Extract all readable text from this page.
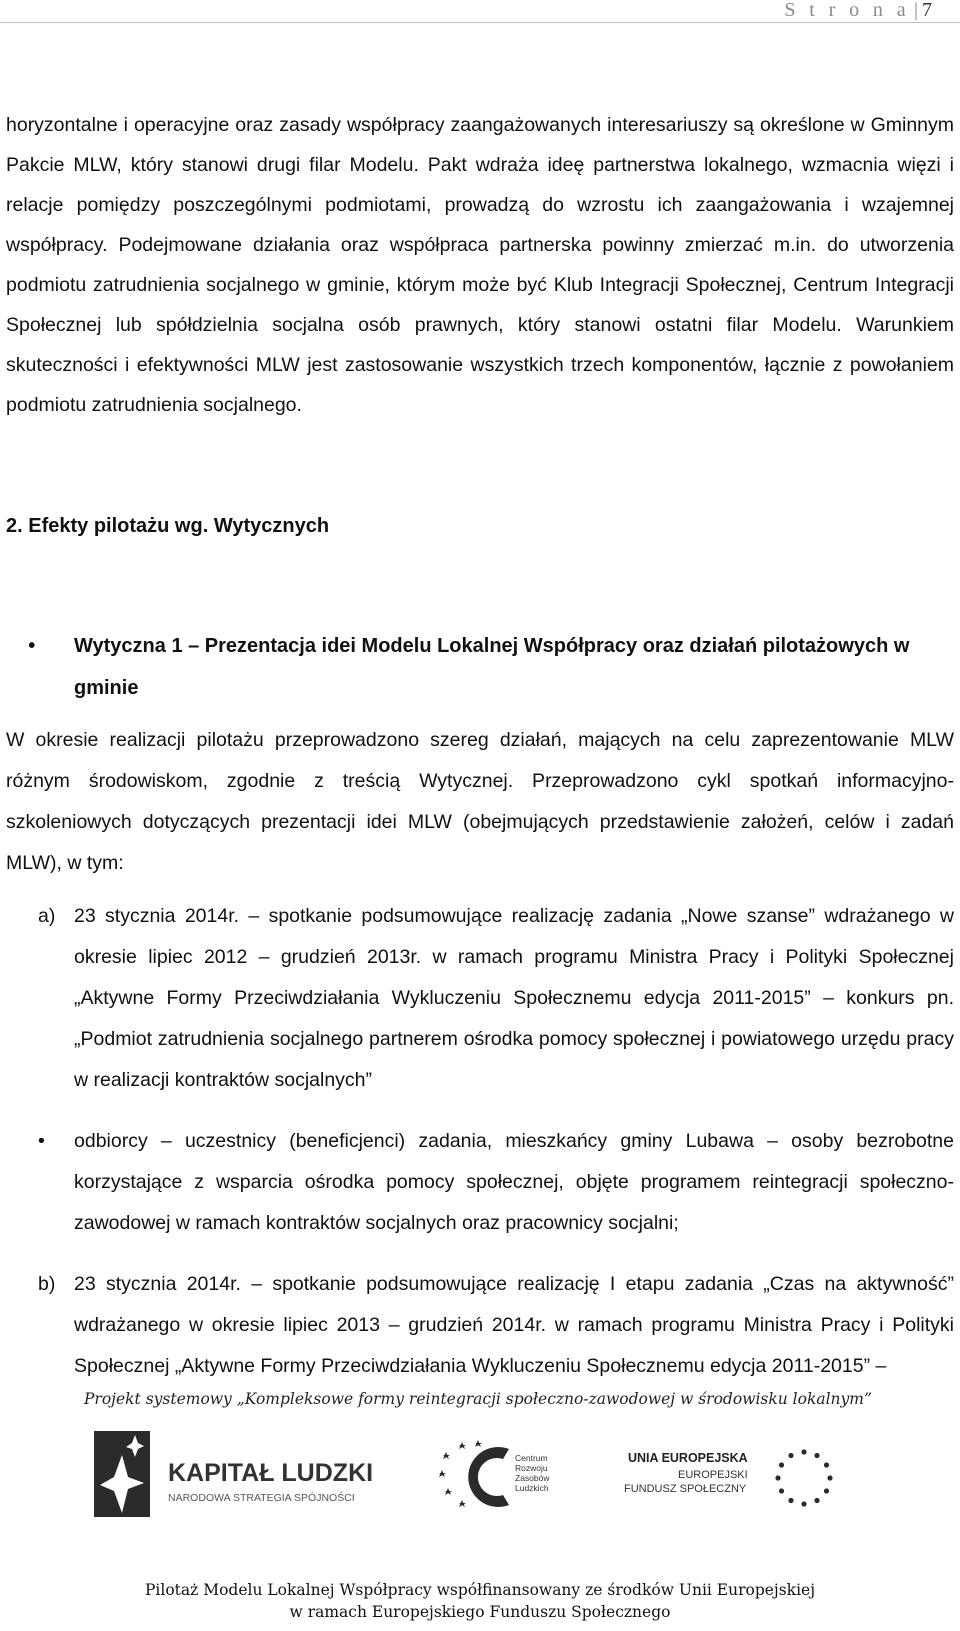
S t r o n a | 7

horyzontalne i operacyjne oraz zasady współpracy zaangażowanych interesariuszy są określone w Gminnym Pakcie MLW, który stanowi drugi filar Modelu. Pakt wdraża ideę partnerstwa lokalnego, wzmacnia więzi i relacje pomiędzy poszczególnymi podmiotami, prowadzą do wzrostu ich zaangażowania i wzajemnej współpracy. Podejmowane działania oraz współpraca partnerska powinny zmierzać m.in. do utworzenia podmiotu zatrudnienia socjalnego w gminie, którym może być Klub Integracji Społecznej, Centrum Integracji Społecznej lub spółdzielnia socjalna osób prawnych, który stanowi ostatni filar Modelu. Warunkiem skuteczności i efektywności MLW jest zastosowanie wszystkich trzech komponentów, łącznie z powołaniem podmiotu zatrudnienia socjalnego.

2. Efekty pilotażu wg. Wytycznych
•	Wytyczna 1 – Prezentacja idei Modelu Lokalnej Współpracy oraz działań pilotażowych w gminie

W okresie realizacji pilotażu przeprowadzono szereg działań, mających na celu zaprezentowanie MLW różnym środowiskom, zgodnie z treścią Wytycznej. Przeprowadzono cykl spotkań informacyjno-szkoleniowych dotyczących prezentacji idei MLW (obejmujących przedstawienie założeń, celów i zadań MLW), w tym:

a) 23 stycznia 2014r. – spotkanie podsumowujące realizację zadania „Nowe szanse” wdrażanego w okresie lipiec 2012 – grudzień 2013r. w ramach programu Ministra Pracy i Polityki Społecznej „Aktywne Formy Przeciwdziałania Wykluczeniu Społecznemu edycja 2011-2015” – konkurs pn. „Podmiot zatrudnienia socjalnego partnerem ośrodka pomocy społecznej i powiatowego urzędu pracy w realizacji kontraktów socjalnych”
•	odbiorcy – uczestnicy (beneficjenci) zadania, mieszkańcy gminy Lubawa – osoby bezrobotne korzystające z wsparcia ośrodka pomocy społecznej, objęte programem reintegracji społeczno-zawodowej w ramach kontraktów socjalnych oraz pracownicy socjalni;
b) 23 stycznia 2014r. – spotkanie podsumowujące realizację I etapu zadania „Czas na aktywność” wdrażanego w okresie lipiec 2013 – grudzień 2014r. w ramach programu Ministra Pracy i Polityki Społecznej „Aktywne Formy Przeciwdziałania Wykluczeniu Społecznemu edycja 2011-2015” –
Projekt systemowy „Kompleksowe formy reintegracji społeczno-zawodowej w środowisku lokalnym”
KAPITAŁ LUDZKI
NARODOWA STRATEGIA SPÓJNOŚCI
Centrum
Rozwoju
Zasobów
Ludzkich
UNIA EUROPEJSKA
EUROPEJSKI
FUNDUSZ SPOŁECZNY
Pilotaż Modelu Lokalnej Współpracy współfinansowany ze środków Unii Europejskiej
w ramach Europejskiego Funduszu Społecznego
